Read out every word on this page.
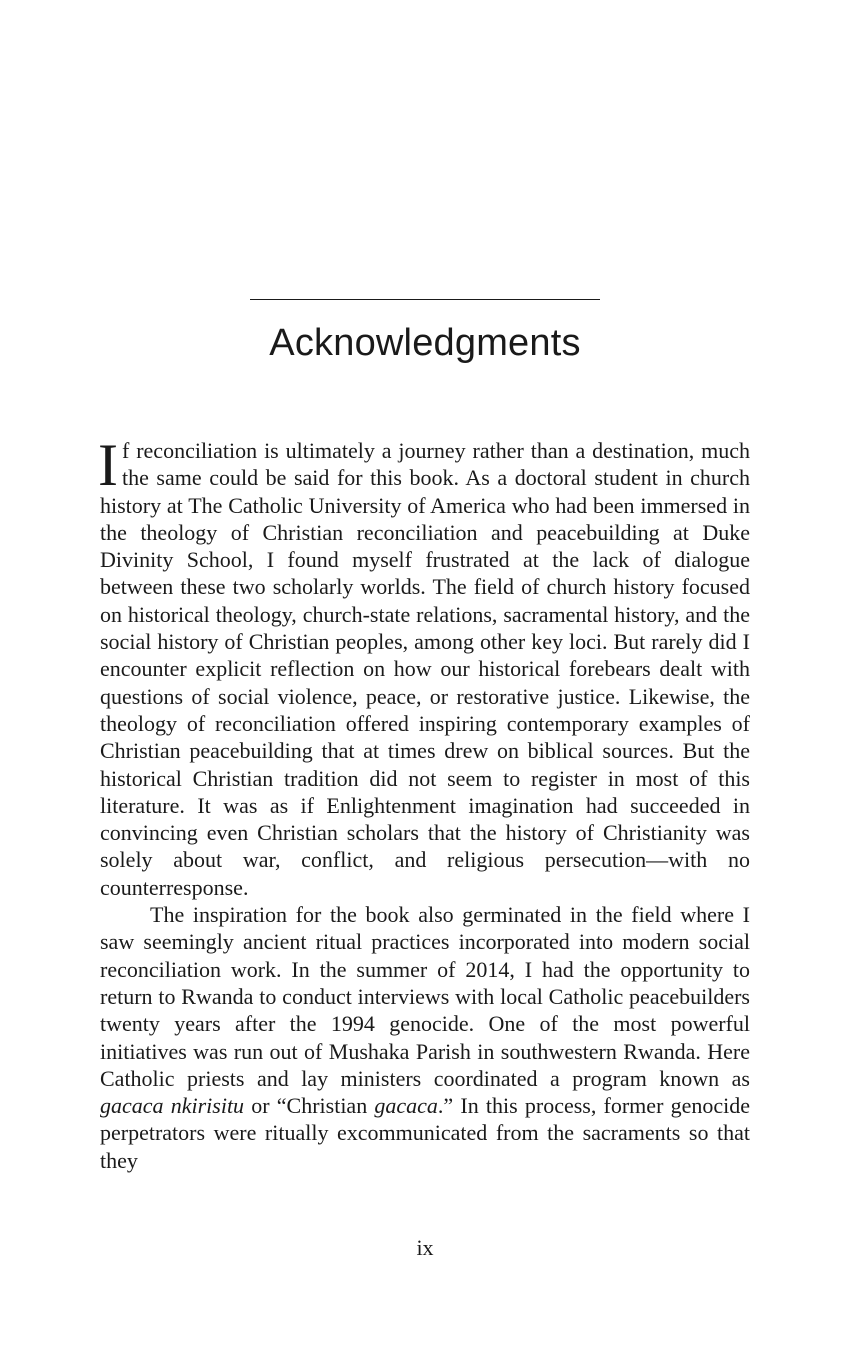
Acknowledgments

If reconciliation is ultimately a journey rather than a destination, much the same could be said for this book. As a doctoral student in church history at The Catholic University of America who had been immersed in the theology of Christian reconciliation and peacebuilding at Duke Divinity School, I found myself frustrated at the lack of dialogue between these two scholarly worlds. The field of church history focused on historical theology, church-state relations, sacramental history, and the social history of Christian peoples, among other key loci. But rarely did I encounter explicit reflection on how our historical forebears dealt with questions of social violence, peace, or restorative justice. Likewise, the theology of reconciliation offered inspiring contemporary examples of Christian peacebuilding that at times drew on biblical sources. But the historical Christian tradition did not seem to register in most of this literature. It was as if Enlightenment imagination had succeeded in convincing even Christian scholars that the history of Christianity was solely about war, conflict, and religious persecution—with no counterresponse.

The inspiration for the book also germinated in the field where I saw seemingly ancient ritual practices incorporated into modern social reconciliation work. In the summer of 2014, I had the opportunity to return to Rwanda to conduct interviews with local Catholic peacebuilders twenty years after the 1994 genocide. One of the most powerful initiatives was run out of Mushaka Parish in southwestern Rwanda. Here Catholic priests and lay ministers coordinated a program known as gacaca nkirisitu or “Christian gacaca.” In this process, former genocide perpetrators were ritually excommunicated from the sacraments so that they

ix
